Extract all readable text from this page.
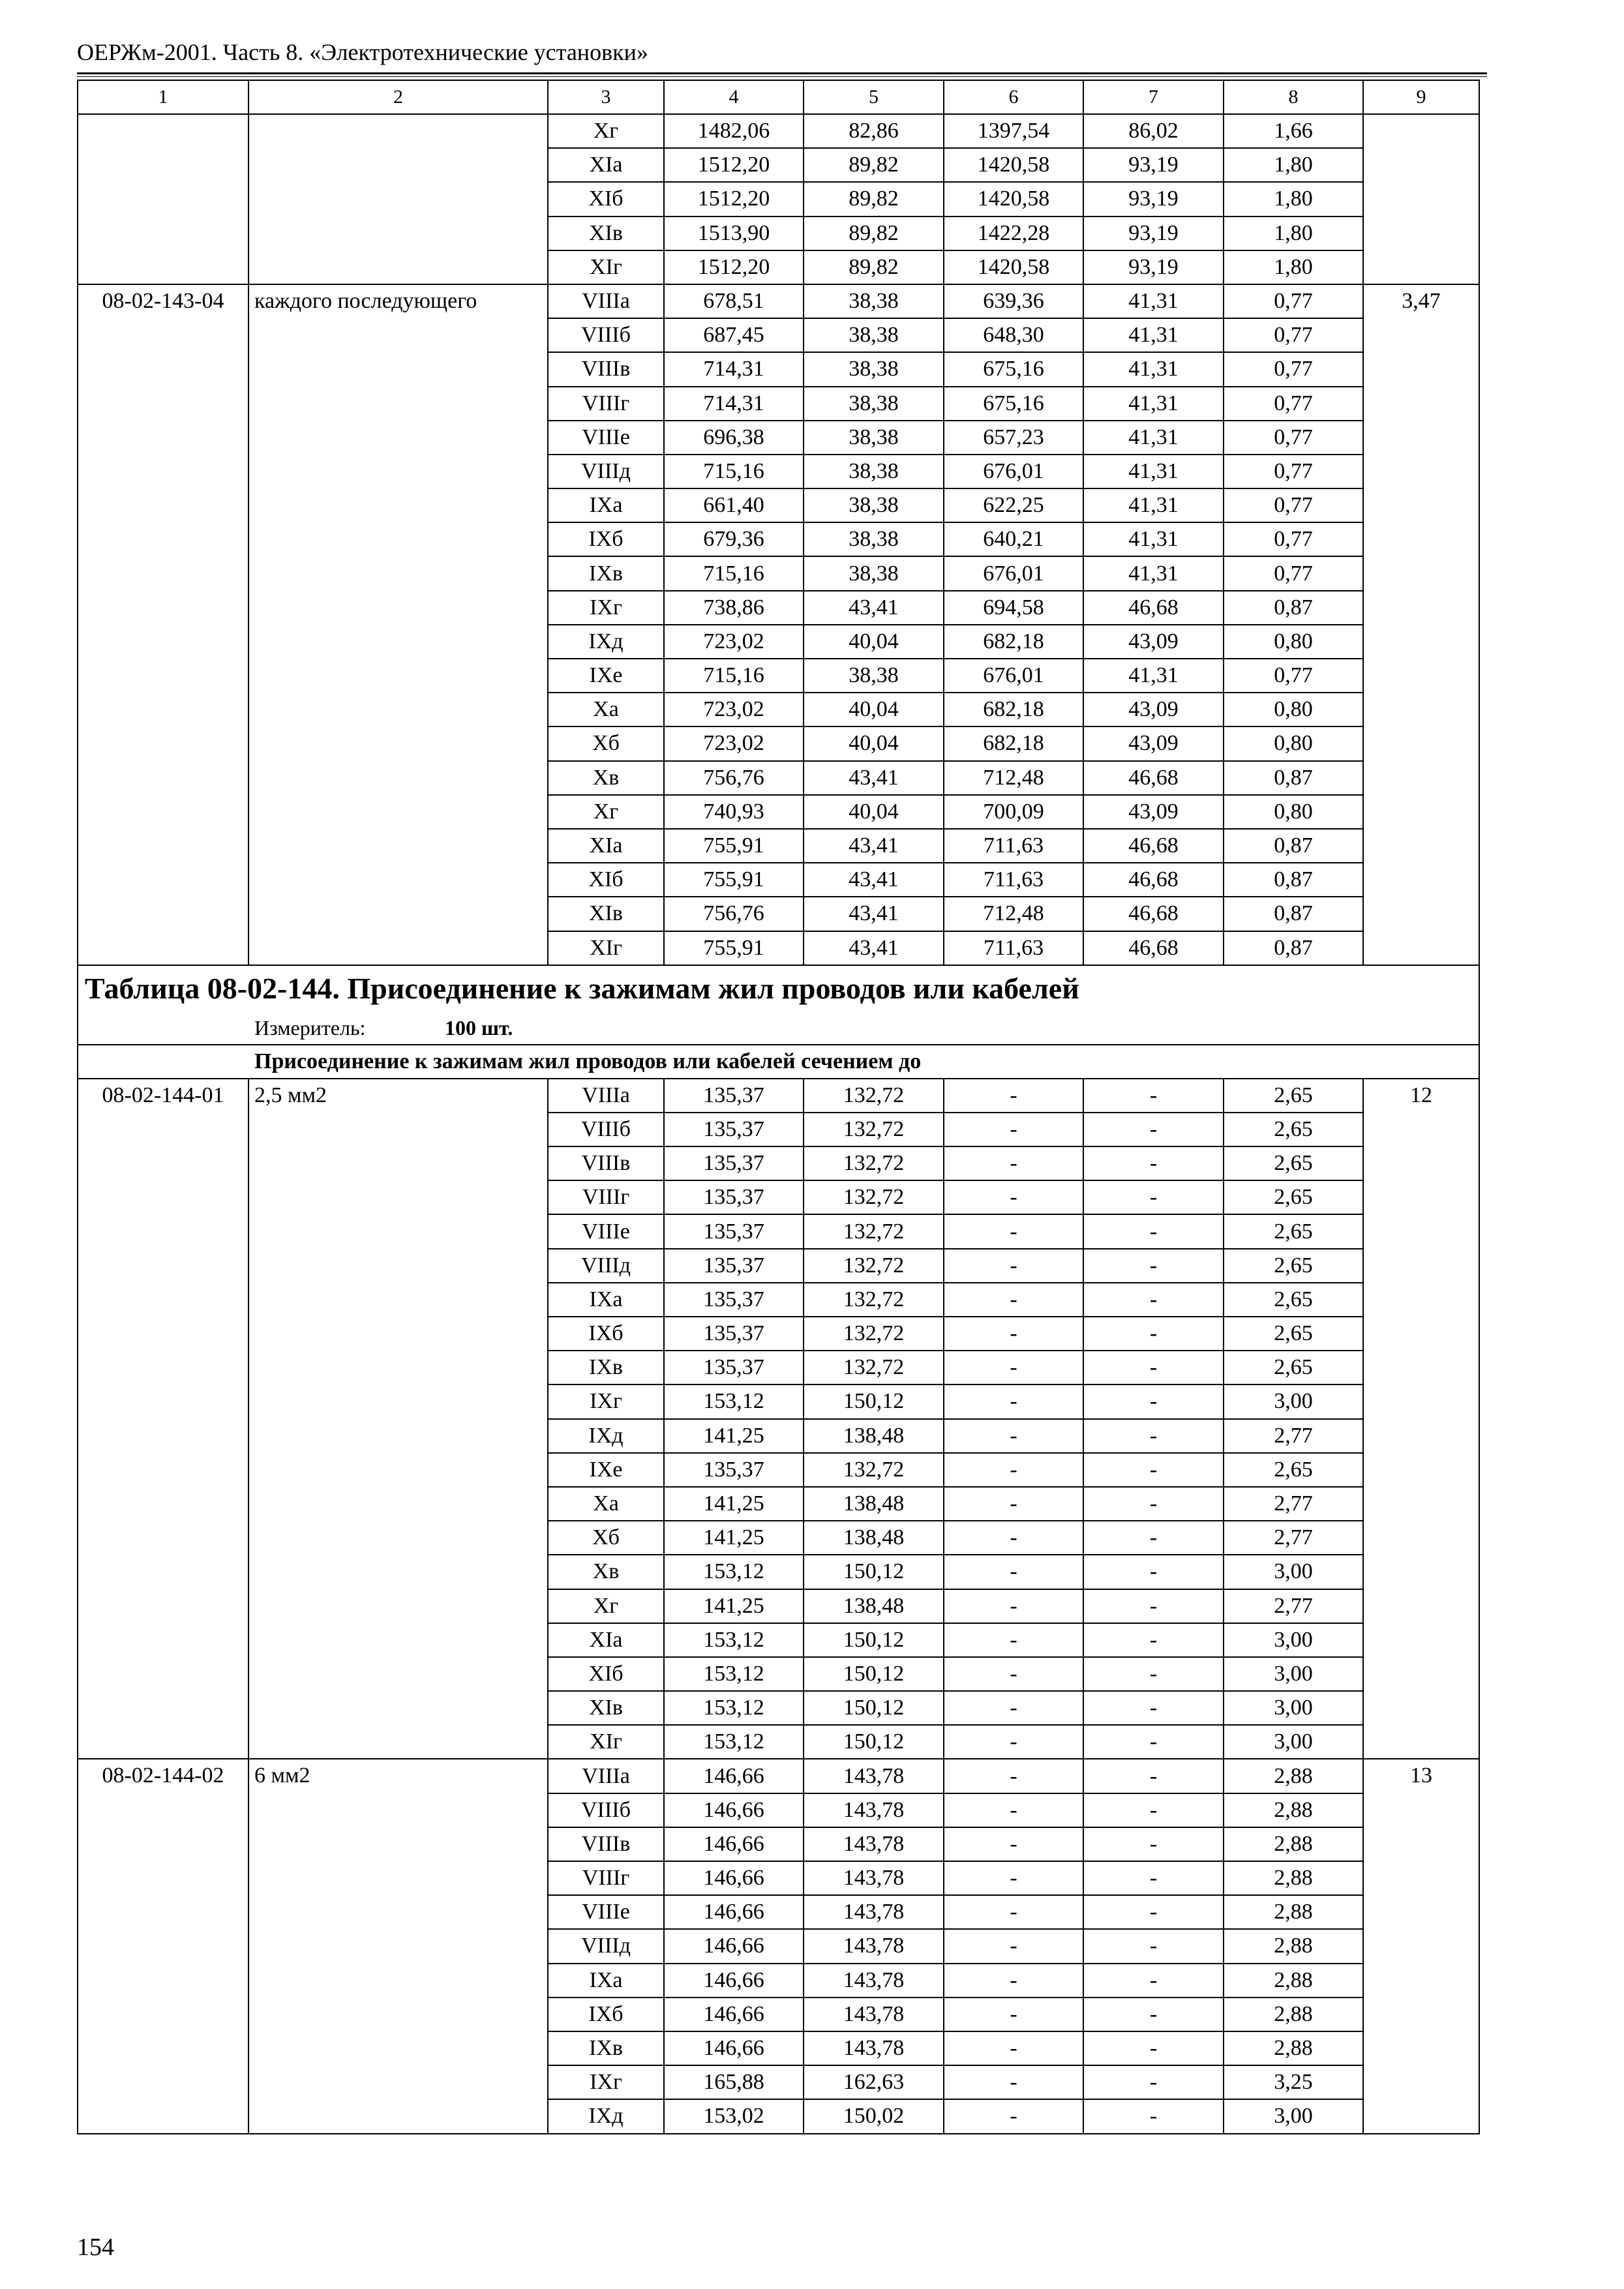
ОЕРЖм-2001. Часть 8. «Электротехнические установки»
1	2	3	4	5	6	7	8	9
		Xг	1482,06	82,86	1397,54	86,02	1,66	
		XIа	1512,20	89,82	1420,58	93,19	1,80	
		XIб	1512,20	89,82	1420,58	93,19	1,80	
		XIв	1513,90	89,82	1422,28	93,19	1,80	
		XIг	1512,20	89,82	1420,58	93,19	1,80	
08-02-143-04	каждого последующего	VIIIа	678,51	38,38	639,36	41,31	0,77	3,47
		VIIIб	687,45	38,38	648,30	41,31	0,77	
		VIIIв	714,31	38,38	675,16	41,31	0,77	
		VIIIг	714,31	38,38	675,16	41,31	0,77	
		VIIIе	696,38	38,38	657,23	41,31	0,77	
		VIIIд	715,16	38,38	676,01	41,31	0,77	
		IXа	661,40	38,38	622,25	41,31	0,77	
		IXб	679,36	38,38	640,21	41,31	0,77	
		IXв	715,16	38,38	676,01	41,31	0,77	
		IXг	738,86	43,41	694,58	46,68	0,87	
		IXд	723,02	40,04	682,18	43,09	0,80	
		IXе	715,16	38,38	676,01	41,31	0,77	
		Xа	723,02	40,04	682,18	43,09	0,80	
		Xб	723,02	40,04	682,18	43,09	0,80	
		Xв	756,76	43,41	712,48	46,68	0,87	
		Xг	740,93	40,04	700,09	43,09	0,80	
		XIа	755,91	43,41	711,63	46,68	0,87	
		XIб	755,91	43,41	711,63	46,68	0,87	
		XIв	756,76	43,41	712,48	46,68	0,87	
		XIг	755,91	43,41	711,63	46,68	0,87	
Таблица 08-02-144. Присоединение к зажимам жил проводов или кабелей								
Измеритель: 100 шт.								
Присоединение к зажимам жил проводов или кабелей сечением до								
08-02-144-01	2,5 мм2	VIIIа	135,37	132,72	-	-	2,65	12
		VIIIб	135,37	132,72	-	-	2,65	
		VIIIв	135,37	132,72	-	-	2,65	
		VIIIг	135,37	132,72	-	-	2,65	
		VIIIе	135,37	132,72	-	-	2,65	
		VIIIд	135,37	132,72	-	-	2,65	
		IXа	135,37	132,72	-	-	2,65	
		IXб	135,37	132,72	-	-	2,65	
		IXв	135,37	132,72	-	-	2,65	
		IXг	153,12	150,12	-	-	3,00	
		IXд	141,25	138,48	-	-	2,77	
		IXе	135,37	132,72	-	-	2,65	
		Xа	141,25	138,48	-	-	2,77	
		Xб	141,25	138,48	-	-	2,77	
		Xв	153,12	150,12	-	-	3,00	
		Xг	141,25	138,48	-	-	2,77	
		XIа	153,12	150,12	-	-	3,00	
		XIб	153,12	150,12	-	-	3,00	
		XIв	153,12	150,12	-	-	3,00	
		XIг	153,12	150,12	-	-	3,00	
08-02-144-02	6 мм2	VIIIа	146,66	143,78	-	-	2,88	13
		VIIIб	146,66	143,78	-	-	2,88	
		VIIIв	146,66	143,78	-	-	2,88	
		VIIIг	146,66	143,78	-	-	2,88	
		VIIIе	146,66	143,78	-	-	2,88	
		VIIIд	146,66	143,78	-	-	2,88	
		IXа	146,66	143,78	-	-	2,88	
		IXб	146,66	143,78	-	-	2,88	
		IXв	146,66	143,78	-	-	2,88	
		IXг	165,88	162,63	-	-	3,25	
		IXд	153,02	150,02	-	-	3,00	
154
